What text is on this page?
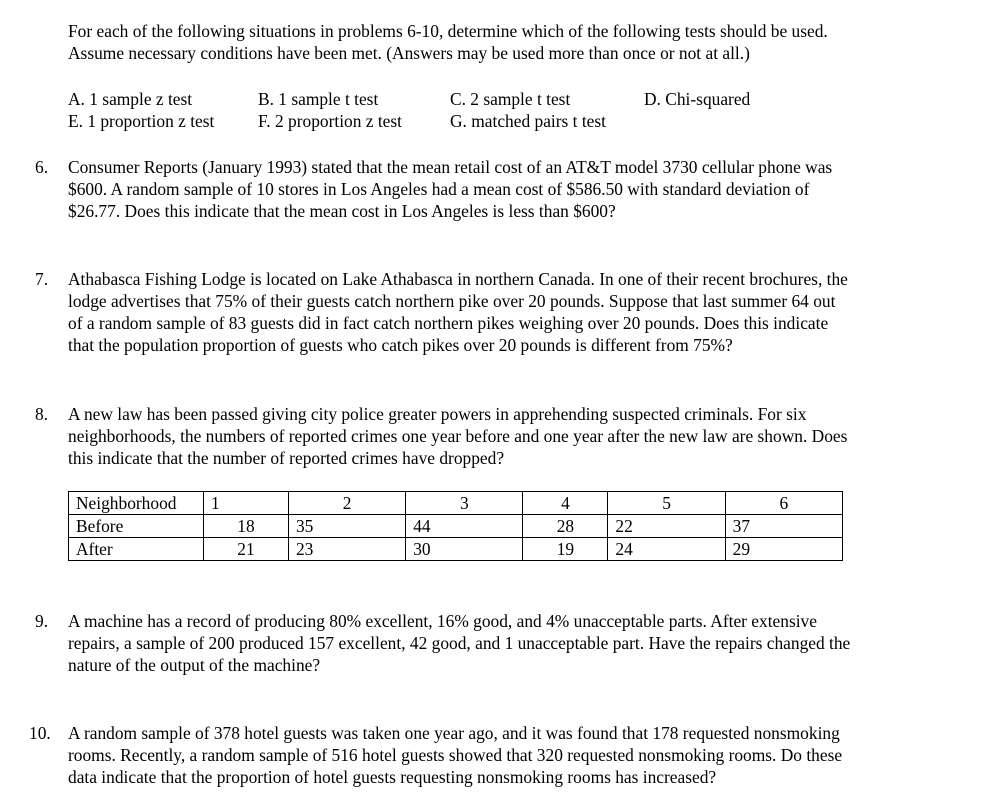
For each of the following situations in problems 6-10, determine which of the following tests should be used.

Assume necessary conditions have been met. (Answers may be used more than once or not at all.)

A. 1 sample z test	B. 1 sample t test	C. 2 sample t test	D. Chi-squared
E. 1 proportion z test	F. 2 proportion z test	G. matched pairs t test
6. Consumer Reports (January 1993) stated that the mean retail cost of an AT&T model 3730 cellular phone was
$600. A random sample of 10 stores in Los Angeles had a mean cost of $586.50 with standard deviation of
$26.77. Does this indicate that the mean cost in Los Angeles is less than $600?
7. Athabasca Fishing Lodge is located on Lake Athabasca in northern Canada. In one of their recent brochures, the
lodge advertises that 75% of their guests catch northern pike over 20 pounds. Suppose that last summer 64 out
of a random sample of 83 guests did in fact catch northern pikes weighing over 20 pounds. Does this indicate
that the population proportion of guests who catch pikes over 20 pounds is different from 75%?
8. A new law has been passed giving city police greater powers in apprehending suspected criminals. For six
neighborhoods, the numbers of reported crimes one year before and one year after the new law are shown. Does
this indicate that the number of reported crimes have dropped?
Neighborhood	1	2	3	4	5	6
Before	18	35	44	28	22	37
After	21	23	30	19	24	29
9. A machine has a record of producing 80% excellent, 16% good, and 4% unacceptable parts. After extensive
repairs, a sample of 200 produced 157 excellent, 42 good, and 1 unacceptable part. Have the repairs changed the
nature of the output of the machine?
10. A random sample of 378 hotel guests was taken one year ago, and it was found that 178 requested nonsmoking
rooms. Recently, a random sample of 516 hotel guests showed that 320 requested nonsmoking rooms. Do these
data indicate that the proportion of hotel guests requesting nonsmoking rooms has increased?
